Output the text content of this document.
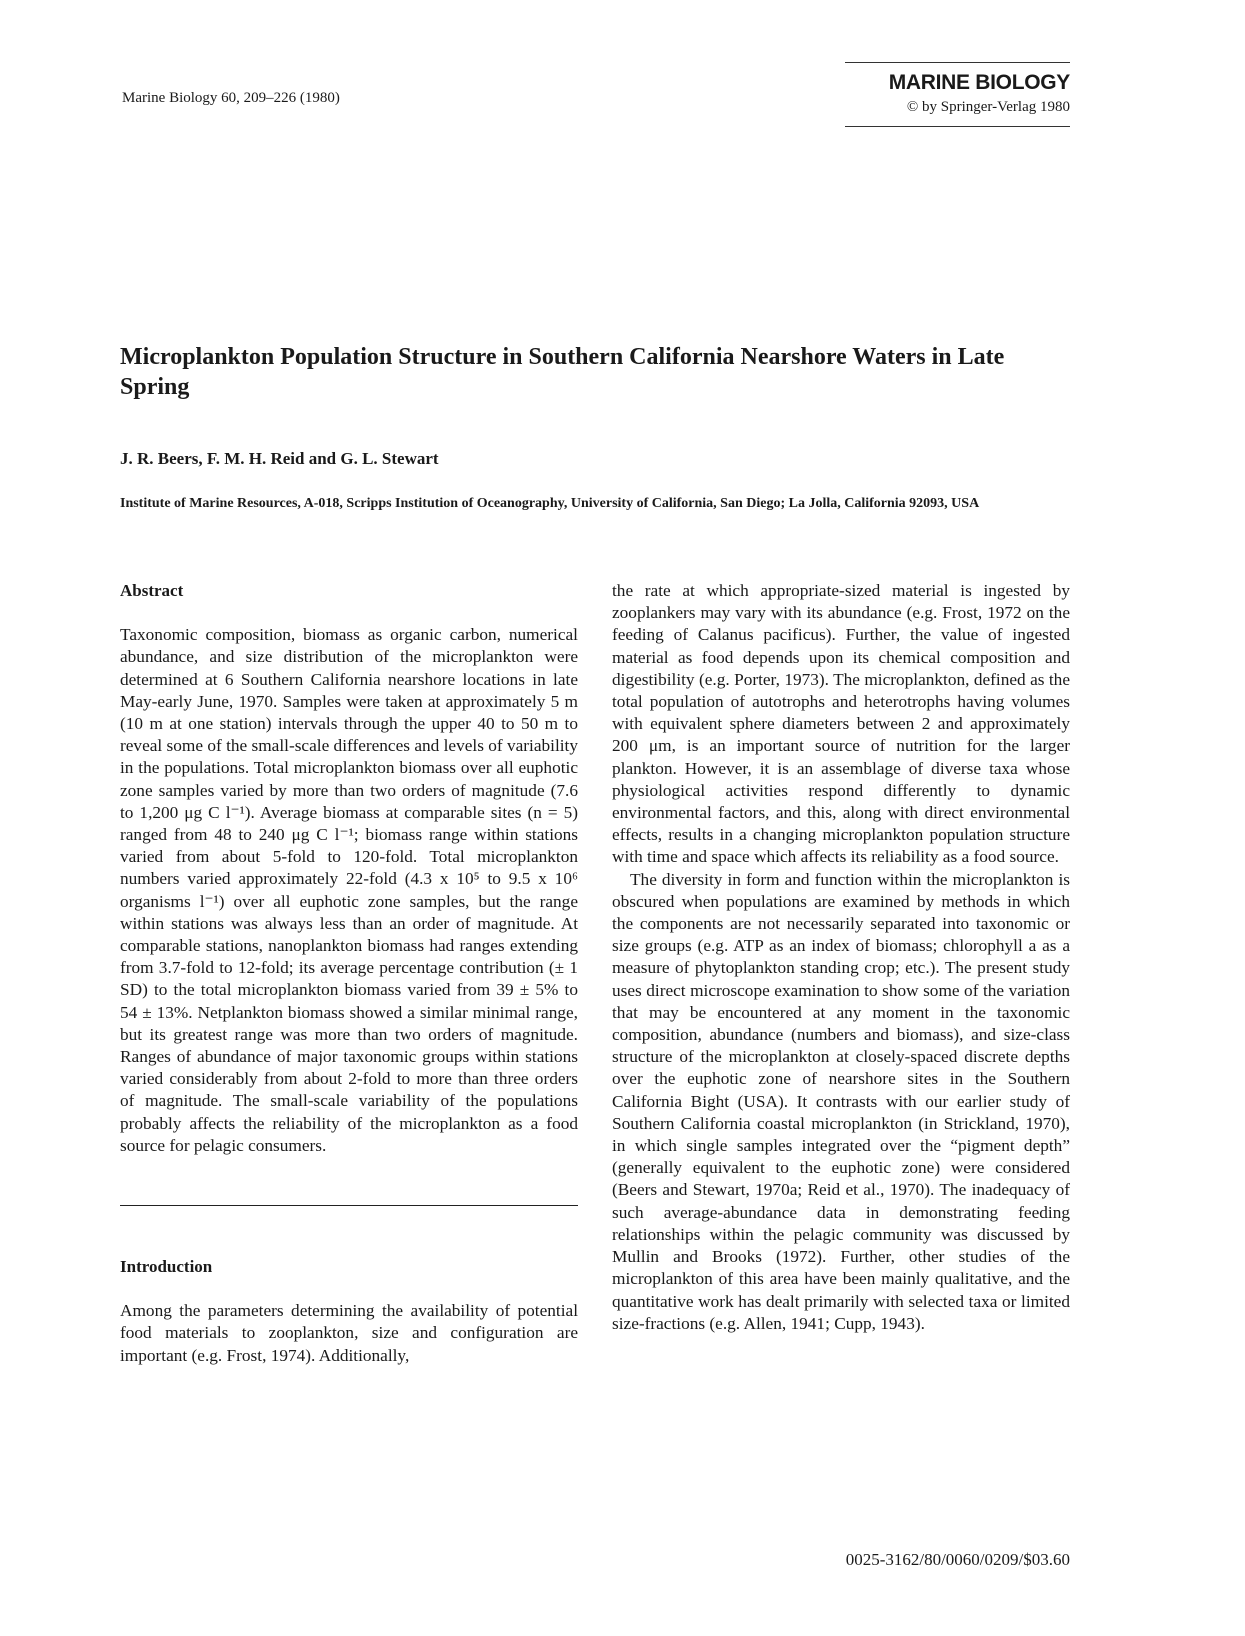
Marine Biology 60, 209–226 (1980)
MARINE BIOLOGY
© by Springer-Verlag 1980
Microplankton Population Structure in Southern California Nearshore Waters in Late Spring
J. R. Beers, F. M. H. Reid and G. L. Stewart
Institute of Marine Resources, A-018, Scripps Institution of Oceanography, University of California, San Diego; La Jolla, California 92093, USA
Abstract

Taxonomic composition, biomass as organic carbon, numerical abundance, and size distribution of the microplankton were determined at 6 Southern California nearshore locations in late May-early June, 1970. Samples were taken at approximately 5 m (10 m at one station) intervals through the upper 40 to 50 m to reveal some of the small-scale differences and levels of variability in the populations. Total microplankton biomass over all euphotic zone samples varied by more than two orders of magnitude (7.6 to 1,200 μg C l⁻¹). Average biomass at comparable sites (n = 5) ranged from 48 to 240 μg C l⁻¹; biomass range within stations varied from about 5-fold to 120-fold. Total microplankton numbers varied approximately 22-fold (4.3 x 10⁵ to 9.5 x 10⁶ organisms l⁻¹) over all euphotic zone samples, but the range within stations was always less than an order of magnitude. At comparable stations, nanoplankton biomass had ranges extending from 3.7-fold to 12-fold; its average percentage contribution (± 1 SD) to the total microplankton biomass varied from 39 ± 5% to 54 ± 13%. Netplankton biomass showed a similar minimal range, but its greatest range was more than two orders of magnitude. Ranges of abundance of major taxonomic groups within stations varied considerably from about 2-fold to more than three orders of magnitude. The small-scale variability of the populations probably affects the reliability of the microplankton as a food source for pelagic consumers.

Introduction

Among the parameters determining the availability of potential food materials to zooplankton, size and configuration are important (e.g. Frost, 1974). Additionally,

the rate at which appropriate-sized material is ingested by zooplankers may vary with its abundance (e.g. Frost, 1972 on the feeding of Calanus pacificus). Further, the value of ingested material as food depends upon its chemical composition and digestibility (e.g. Porter, 1973). The microplankton, defined as the total population of autotrophs and heterotrophs having volumes with equivalent sphere diameters between 2 and approximately 200 μm, is an important source of nutrition for the larger plankton. However, it is an assemblage of diverse taxa whose physiological activities respond differently to dynamic environmental factors, and this, along with direct environmental effects, results in a changing microplankton population structure with time and space which affects its reliability as a food source.

The diversity in form and function within the microplankton is obscured when populations are examined by methods in which the components are not necessarily separated into taxonomic or size groups (e.g. ATP as an index of biomass; chlorophyll a as a measure of phytoplankton standing crop; etc.). The present study uses direct microscope examination to show some of the variation that may be encountered at any moment in the taxonomic composition, abundance (numbers and biomass), and size-class structure of the microplankton at closely-spaced discrete depths over the euphotic zone of nearshore sites in the Southern California Bight (USA). It contrasts with our earlier study of Southern California coastal microplankton (in Strickland, 1970), in which single samples integrated over the “pigment depth” (generally equivalent to the euphotic zone) were considered (Beers and Stewart, 1970a; Reid et al., 1970). The inadequacy of such average-abundance data in demonstrating feeding relationships within the pelagic community was discussed by Mullin and Brooks (1972). Further, other studies of the microplankton of this area have been mainly qualitative, and the quantitative work has dealt primarily with selected taxa or limited size-fractions (e.g. Allen, 1941; Cupp, 1943).

0025-3162/80/0060/0209/$03.60
